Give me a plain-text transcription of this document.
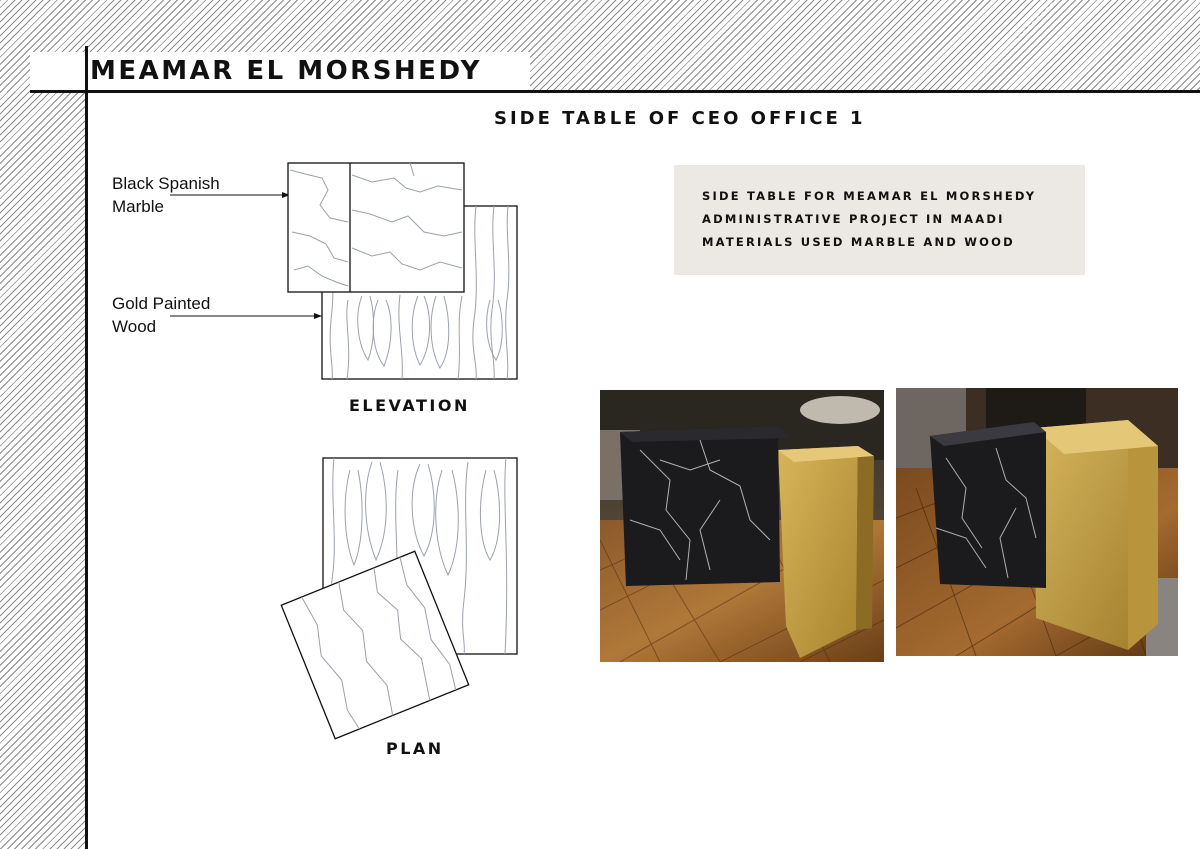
MEAMAR EL MORSHEDY
SIDE TABLE OF CEO OFFICE 1
SIDE TABLE FOR MEAMAR EL MORSHEDY
ADMINISTRATIVE PROJECT IN MAADI
MATERIALS USED MARBLE AND WOOD

Black Spanish
Marble

Gold Painted
Wood

ELEVATION
PLAN
